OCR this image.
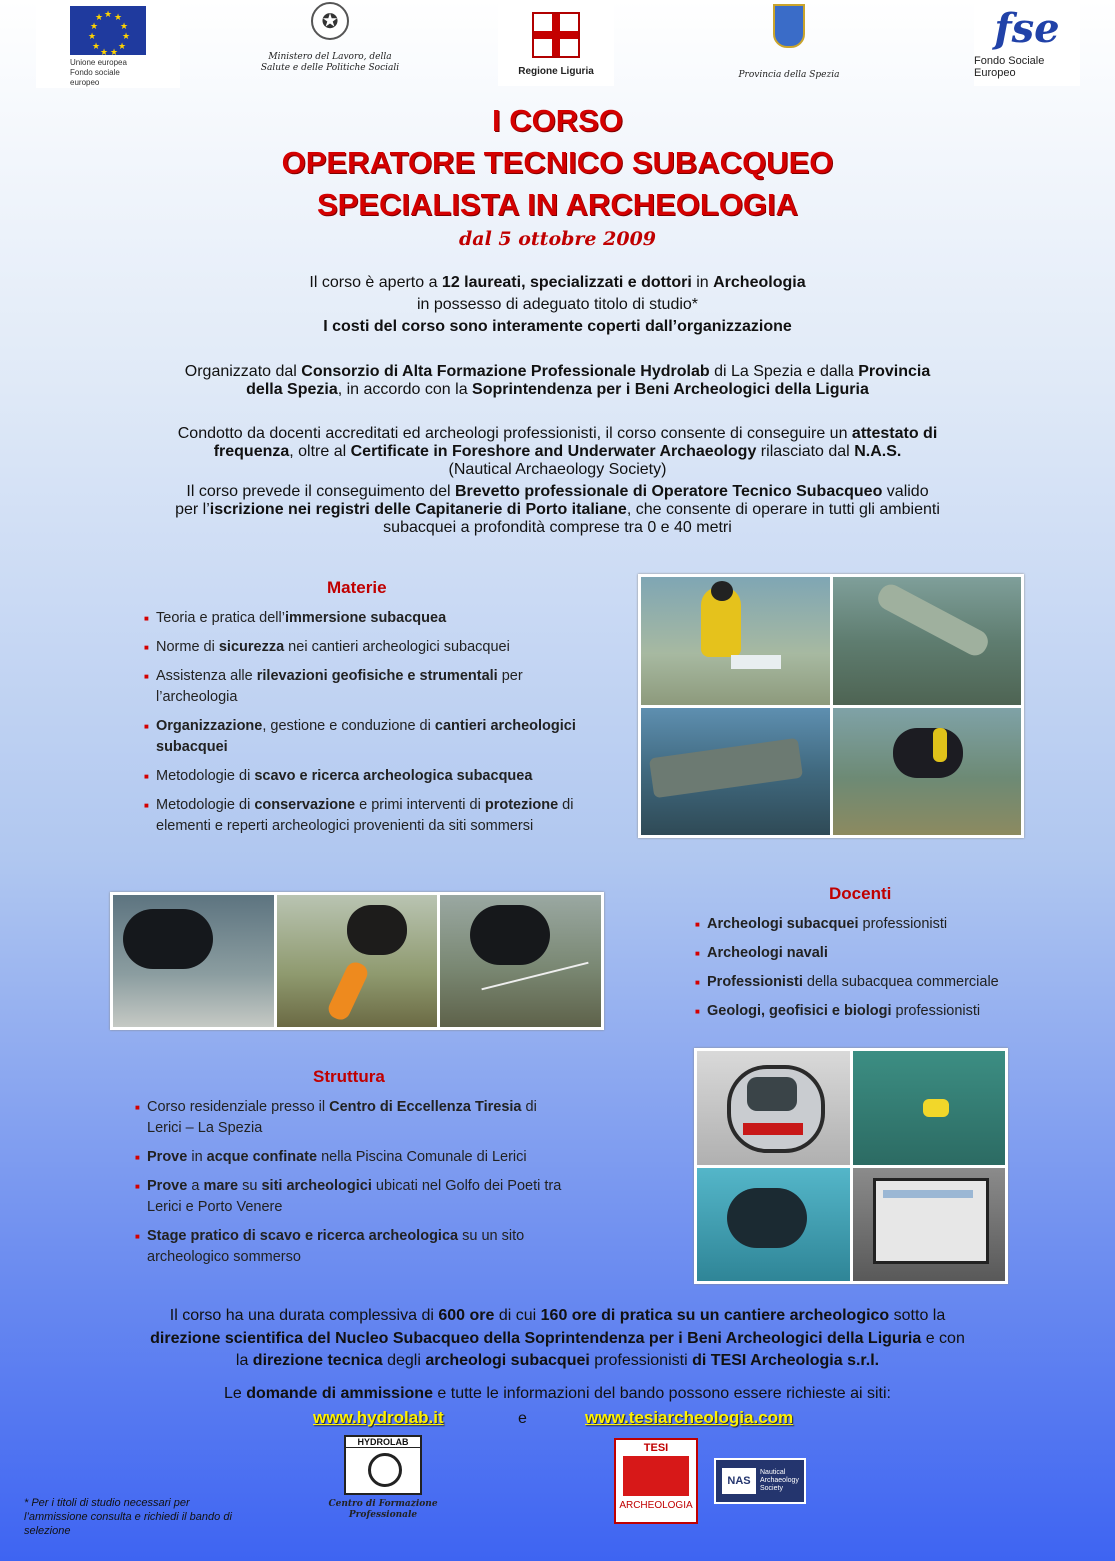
★ ★
★
★
★
★
★
★
★
★
★
Unione europea
Fondo sociale europeo
✪
Ministero del Lavoro, della
Salute e delle Politiche Sociali	Regione Liguria	Provincia della Spezia
fse
Fondo Sociale Europeo
I CORSO
OPERATORE TECNICO SUBACQUEO
SPECIALISTA IN ARCHEOLOGIA
dal 5 ottobre 2009
Il corso è aperto a 12 laureati, specializzati e dottori in Archeologia
in possesso di adeguato titolo di studio*
I costi del corso sono interamente coperti dall’organizzazione
Organizzato dal Consorzio di Alta Formazione Professionale Hydrolab di La Spezia e dalla Provincia
della Spezia, in accordo con la Soprintendenza per i Beni Archeologici della Liguria
Condotto da docenti accreditati ed archeologi professionisti, il corso consente di conseguire un attestato di
frequenza, oltre al Certificate in Foreshore and Underwater Archaeology rilasciato dal N.A.S.
(Nautical Archaeology Society)
Il corso prevede il conseguimento del Brevetto professionale di Operatore Tecnico Subacqueo valido
per l’iscrizione nei registri delle Capitanerie di Porto italiane, che consente di operare in tutti gli ambienti
subacquei a profondità comprese tra 0 e 40 metri
Materie
■ Teoria e pratica dell’immersione subacquea
■ Norme di sicurezza nei cantieri archeologici subacquei
■ Assistenza alle rilevazioni geofisiche e strumentali per l’archeologia
■ Organizzazione, gestione e conduzione di cantieri archeologici subacquei
■ Metodologie di scavo e ricerca archeologica subacquea
■ Metodologie di conservazione e primi interventi di protezione di elementi e reperti archeologici provenienti da siti sommersi
Docenti
■ Archeologi subacquei professionisti
■ Archeologi navali
■ Professionisti della subacquea commerciale
■ Geologi, geofisici e biologi professionisti
Struttura
■ Corso residenziale presso il Centro di Eccellenza Tiresia di Lerici – La Spezia
■ Prove in acque confinate nella Piscina Comunale di Lerici
■ Prove a mare su siti archeologici ubicati nel Golfo dei Poeti tra Lerici e Porto Venere
■ Stage pratico di scavo e ricerca archeologica su un sito archeologico sommerso
Il corso ha una durata complessiva di 600 ore di cui 160 ore di pratica su un cantiere archeologico sotto la
direzione scientifica del Nucleo Subacqueo della Soprintendenza per i Beni Archeologici della Liguria e con
la direzione tecnica degli archeologi subacquei professionisti di TESI Archeologia s.r.l.
Le domande di ammissione e tutte le informazioni del bando possono essere richieste ai siti:
www.hydrolab.it	e	www.tesiarcheologia.com
* Per i titoli di studio necessari per l’ammissione consulta e richiedi il bando di selezione
HYDROLAB
Centro di Formazione
Professionale
TESI
ARCHEOLOGIA
NAS
Nautical
Archaeology
Society
